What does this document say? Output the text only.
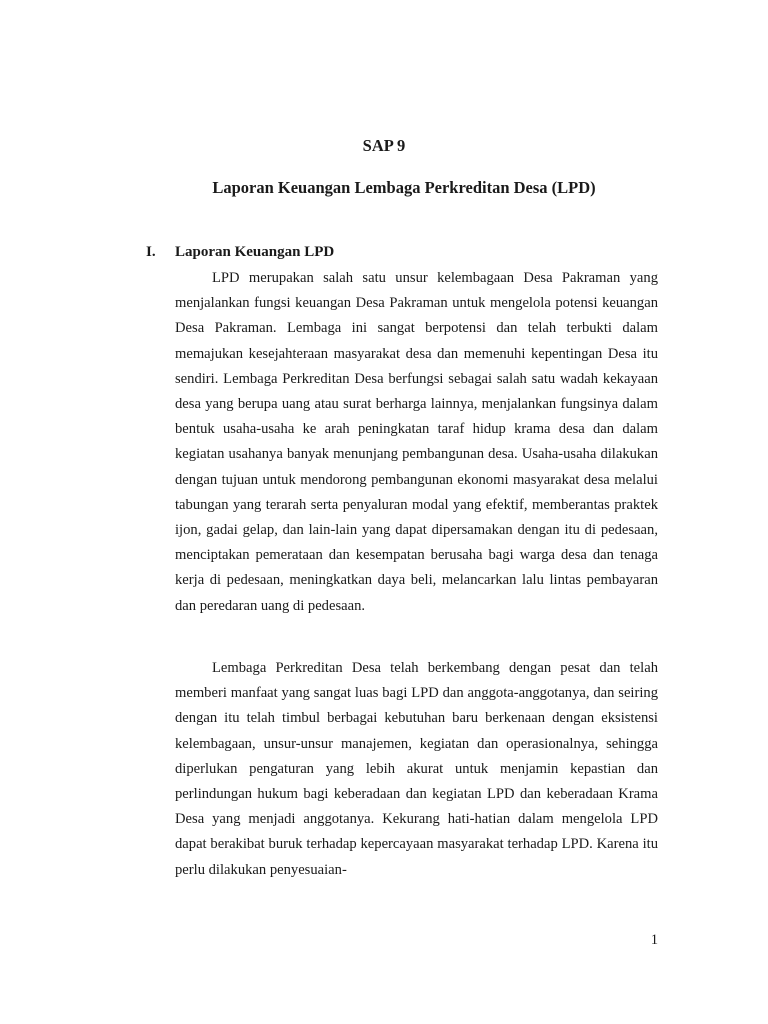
SAP 9
Laporan Keuangan Lembaga Perkreditan Desa (LPD)
I. Laporan Keuangan LPD

LPD merupakan salah satu unsur kelembagaan Desa Pakraman yang menjalankan fungsi keuangan Desa Pakraman untuk mengelola potensi keuangan Desa Pakraman. Lembaga ini sangat berpotensi dan telah terbukti dalam memajukan kesejahteraan masyarakat desa dan memenuhi kepentingan Desa itu sendiri. Lembaga Perkreditan Desa berfungsi sebagai salah satu wadah kekayaan desa yang berupa uang atau surat berharga lainnya, menjalankan fungsinya dalam bentuk usaha-usaha ke arah peningkatan taraf hidup krama desa dan dalam kegiatan usahanya banyak menunjang pembangunan desa. Usaha-usaha dilakukan dengan tujuan untuk mendorong pembangunan ekonomi masyarakat desa melalui tabungan yang terarah serta penyaluran modal yang efektif, memberantas praktek ijon, gadai gelap, dan lain-lain yang dapat dipersamakan dengan itu di pedesaan, menciptakan pemerataan dan kesempatan berusaha bagi warga desa dan tenaga kerja di pedesaan, meningkatkan daya beli, melancarkan lalu lintas pembayaran dan peredaran uang di pedesaan.

Lembaga Perkreditan Desa telah berkembang dengan pesat dan telah memberi manfaat yang sangat luas bagi LPD dan anggota-anggotanya, dan seiring dengan itu telah timbul berbagai kebutuhan baru berkenaan dengan eksistensi kelembagaan, unsur-unsur manajemen, kegiatan dan operasionalnya, sehingga diperlukan pengaturan yang lebih akurat untuk menjamin kepastian dan perlindungan hukum bagi keberadaan dan kegiatan LPD dan keberadaan Krama Desa yang menjadi anggotanya. Kekurang hati-hatian dalam mengelola LPD dapat berakibat buruk terhadap kepercayaan masyarakat terhadap LPD. Karena itu perlu dilakukan penyesuaian-

1
